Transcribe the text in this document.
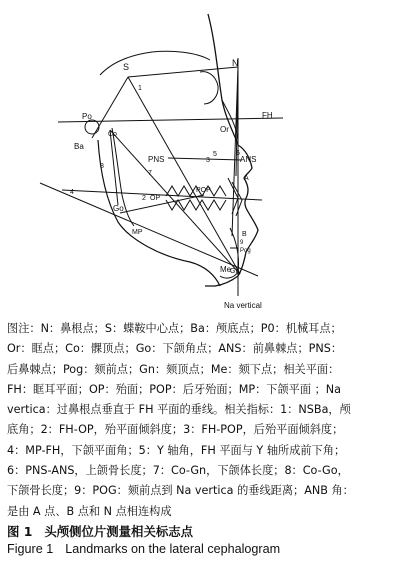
S	N
Po
Co
Ba
Or
FH
PNS	ANS
POP
OP
MP
Go
Me
Gn
A
B
Pog
Na vertical
1
2
3
4
5	6
7
8
9
图注：N：鼻根点；S：蝶鞍中心点；Ba：颅底点；P0：机械耳点；
Or：眶点；Co：髁顶点；Go：下颌角点；ANS：前鼻棘点；PNS：
后鼻棘点；Pog：颏前点；Gn：颏顶点；Me：颏下点；相关平面：
FH：眶耳平面；OP：殆面；POP：后牙殆面；MP：下颌平面 ；Na
vertica：过鼻根点垂直于 FH 平面的垂线。相关指标：1：NSBa，颅
底角；2：FH-OP，殆平面倾斜度；3：FH-POP，后殆平面倾斜度；
4：MP-FH，下颌平面角；5：Y 轴角，FH 平面与 Y 轴所成前下角；
6：PNS-ANS，上颌骨长度；7：Co-Gn，下颌体长度；8：Co-Go，
下颌骨长度；9：POG：颏前点到 Na vertica 的垂线距离；ANB 角：
是由 A 点、B 点和 N 点相连构成
图 1 头颅侧位片测量相关标志点
Figure 1 Landmarks on the lateral cephalogram
